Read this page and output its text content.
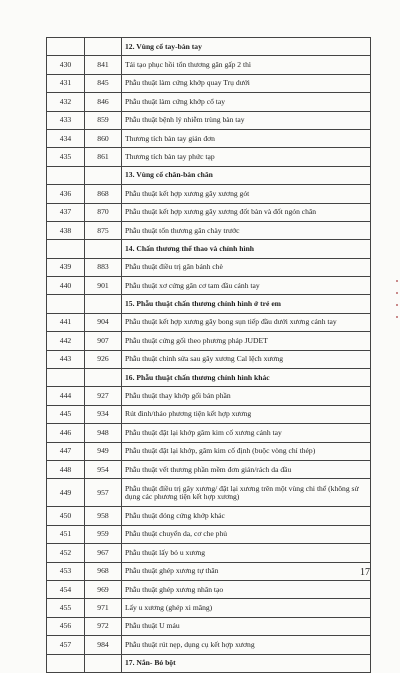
		12. Vùng cổ tay-bàn tay
430	841	Tái tạo phục hồi tổn thương gân gấp 2 thì
431	845	Phẫu thuật làm cứng khớp quay Trụ dưới
432	846	Phẫu thuật làm cứng khớp cổ tay
433	859	Phẫu thuật bệnh lý nhiễm trùng bàn tay
434	860	Thương tích bàn tay giản đơn
435	861	Thương tích bàn tay phức tạp
		13. Vùng cổ chân-bàn chân
436	868	Phẫu thuật kết hợp xương gãy xương gót
437	870	Phẫu thuật kết hợp xương gãy xương đốt bàn và đốt ngón chân
438	875	Phẫu thuật tổn thương gân chày trước
		14. Chấn thương thể thao và chỉnh hình
439	883	Phẫu thuật điều trị gân bánh chè
440	901	Phẫu thuật xơ cứng gân cơ tam đầu cánh tay
		15. Phẫu thuật chấn thương chỉnh hình ở trẻ em
441	904	Phẫu thuật kết hợp xương gãy bong sụn tiếp đầu dưới xương cánh tay
442	907	Phẫu thuật cứng gối theo phương pháp JUDET
443	926	Phẫu thuật chỉnh sửa sau gãy xương Cal lệch xương
		16. Phẫu thuật chấn thương chỉnh hình khác
444	927	Phẫu thuật thay khớp gối bán phần
445	934	Rút đinh/tháo phương tiện kết hợp xương
446	948	Phẫu thuật đặt lại khớp găm kim cố xương cánh tay
447	949	Phẫu thuật đặt lại khớp, găm kim cố định (buộc vòng chỉ thép)
448	954	Phẫu thuật vết thương phần mềm đơn giản/rách da đầu
449	957	Phẫu thuật điều trị gãy xương/ đặt lại xương trên một vùng chi thể (không sử dụng các phương tiện kết hợp xương)
450	958	Phẫu thuật đóng cứng khớp khác
451	959	Phẫu thuật chuyển da, cơ che phủ
452	967	Phẫu thuật lấy bỏ u xương
453	968	Phẫu thuật ghép xương tự thân
454	969	Phẫu thuật ghép xương nhân tạo
455	971	Lấy u xương (ghép xi măng)
456	972	Phẫu thuật U máu
457	984	Phẫu thuật rút nẹp, dụng cụ kết hợp xương
		17. Nắn- Bó bột
17
